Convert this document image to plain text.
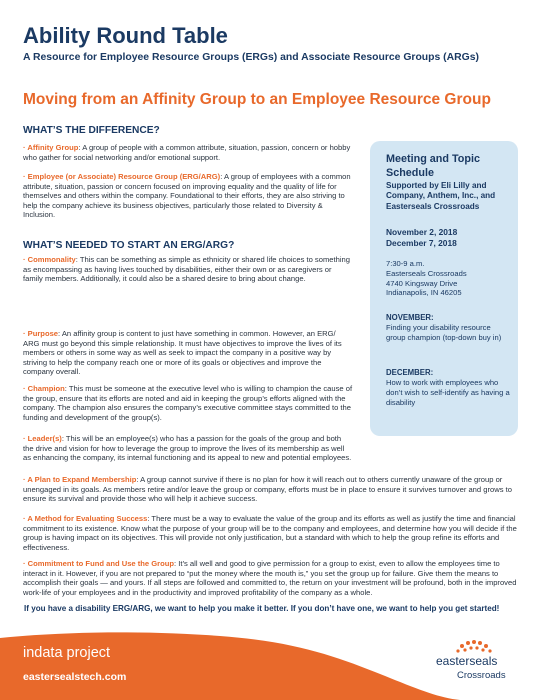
Ability Round Table
A Resource for Employee Resource Groups (ERGs) and Associate Resource Groups (ARGs)
Moving from an Affinity Group to an Employee Resource Group
WHAT’S THE DIFFERENCE?
· Affinity Group: A group of people with a common attribute, situation, passion, concern or hobby who gather for social networking and/or emotional support.
· Employee (or Associate) Resource Group (ERG/ARG): A group of employees with a common attribute, situation, passion or concern focused on improving equality and the quality of life for themselves and others within the company. Foundational to their efforts, they are also striving to help the company achieve its business objectives, particularly those related to Diversity & Inclusion.
WHAT’S NEEDED TO START AN ERG/ARG?
· Commonality: This can be something as simple as ethnicity or shared life choices to something as encompassing as having lives touched by disabilities, either their own or as caregivers or family members. Additionally, it could also be a shared desire to bring about change.
· Purpose: An affinity group is content to just have something in common. However, an ERG/ ARG must go beyond this simple relationship. It must have objectives to improve the lives of its members or others in some way as well as seek to impact the company in a positive way by striving to help the company reach one or more of its goals or objectives and improve the company overall.
· Champion: This must be someone at the executive level who is willing to champion the cause of the group, ensure that its efforts are noted and aid in keeping the group’s efforts aligned with the company. The champion also ensures the company’s executive committee stays committed to the funding and development of the group(s).
· Leader(s): This will be an employee(s) who has a passion for the goals of the group and both the drive and vision for how to leverage the group to improve the lives of its membership as well as enhancing the company, its internal functioning and its appeal to new and potential employees.
· A Plan to Expand Membership: A group cannot survive if there is no plan for how it will reach out to others currently unaware of the group or unengaged in its goals. As members retire and/or leave the group or company, efforts must be in place to ensure it survives turnover and grows to ensure its survival and provide those who will help it achieve success.
· A Method for Evaluating Success: There must be a way to evaluate the value of the group and its efforts as well as justify the time and financial commitment to its existence. Know what the purpose of your group will be to the company and employees, and determine how you will decide if the group is having impact on its objectives. This will provide not only justification, but a standard with which to help the group refine its efforts and effectiveness.
· Commitment to Fund and Use the Group: It’s all well and good to give permission for a group to exist, even to allow the employees time to interact in it. However, if you are not prepared to “put the money where the mouth is,” you set the group up for failure. Give them the means to accomplish their goals — and yours. If all steps are followed and committed to, the return on your investment will be profound, both in the improved work-life of your employees and in the productivity and improved profitability of the company as a whole.
Meeting and Topic Schedule
Supported by Eli Lilly and Company, Anthem, Inc., and Easterseals Crossroads
November 2, 2018
December 7, 2018
7:30-9 a.m.
Easterseals Crossroads
4740 Kingsway Drive
Indianapolis, IN 46205
NOVEMBER:
Finding your disability resource group champion (top-down buy in)
DECEMBER:
How to work with employees who don’t wish to self-identify as having a disability
If you have a disability ERG/ARG, we want to help you make it better. If you don’t have one, we want to help you get started!
indata project
eastersealstech.com
easterseals
Crossroads
